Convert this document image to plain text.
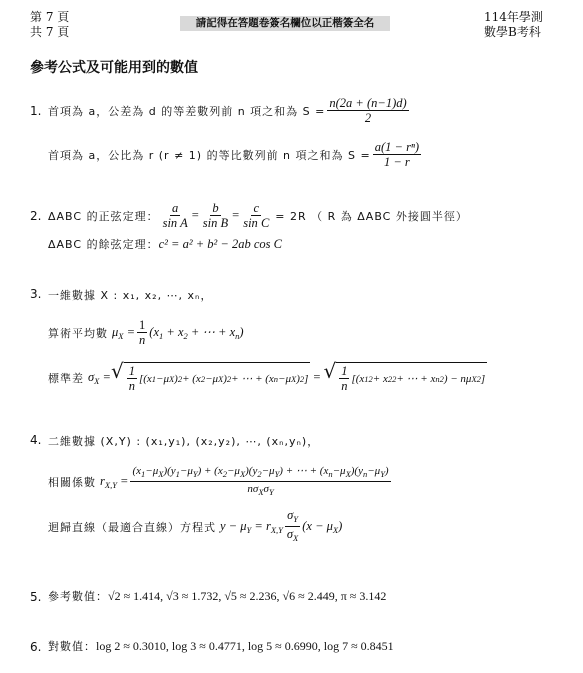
第 7 頁
共 7 頁
請記得在答題卷簽名欄位以正楷簽全名	114年學測
數學B考科
參考公式及可能用到的數值
1. 首項為 a，公差為 d 的等差數列前 n 項之和為 $S = \frac{n(2a + (n-1)d)}{2}$
首項為 a，公比為 r (r ≠ 1) 的等比數列前 n 項之和為 $S = \frac{\text{a(1 − rⁿ)}}{1 - r}$
2. ΔABC 的正弦定理： $\frac{a}{\text{sin A}} = \frac{b}{\text{sin B}} = \frac{c}{\text{sin C}} = 2R$ （ R 為 ΔABC 外接圓半徑）
ΔABC 的餘弦定理： c² = a² + b² − 2ab cos C
3. 一維數據 X : x₁, x₂, ⋯, xₙ，
算術平均數 $\mu_X = \frac{1}{n} (x_1 + x_2$ + ⋯ + $x_n$)
標準差 $\sigma_X$ = √ $\frac{1}{n} [(x$ 1 −μ X ) 2 + (x 2 −μ X ) 2 + ⋯ + (x n −μ X ) 2 ] = √ $\frac{1}{n} [(x$ 1 2 + x 2 2 + ⋯ + x n 2 ) − nμ X 2 ]
4. 二維數據 (X,Y) : (x₁,y₁), (x₂,y₂), ⋯, (xₙ,yₙ)，
相關係數 $r_{X,Y} = \frac{(x_1-\mu_X)(y_1-\mu_Y) + (x_2-\mu_X)(y_2-\mu_Y) + \cdots + (x_n-\mu_X)(y_n-\mu_Y)}{n\sigma_X\sigma_Y}$
迴歸直線（最適合直線）方程式 $y - \mu_Y = r_{X,Y} \frac{\sigma_Y}{\sigma_X} (x - \mu_X)$
5. 參考數值： √2 ≈ 1.414, √3 ≈ 1.732, √5 ≈ 2.236, √6 ≈ 2.449, π ≈ 3.142
6. 對數值： log 2 ≈ 0.3010, log 3 ≈ 0.4771, log 5 ≈ 0.6990, log 7 ≈ 0.8451
